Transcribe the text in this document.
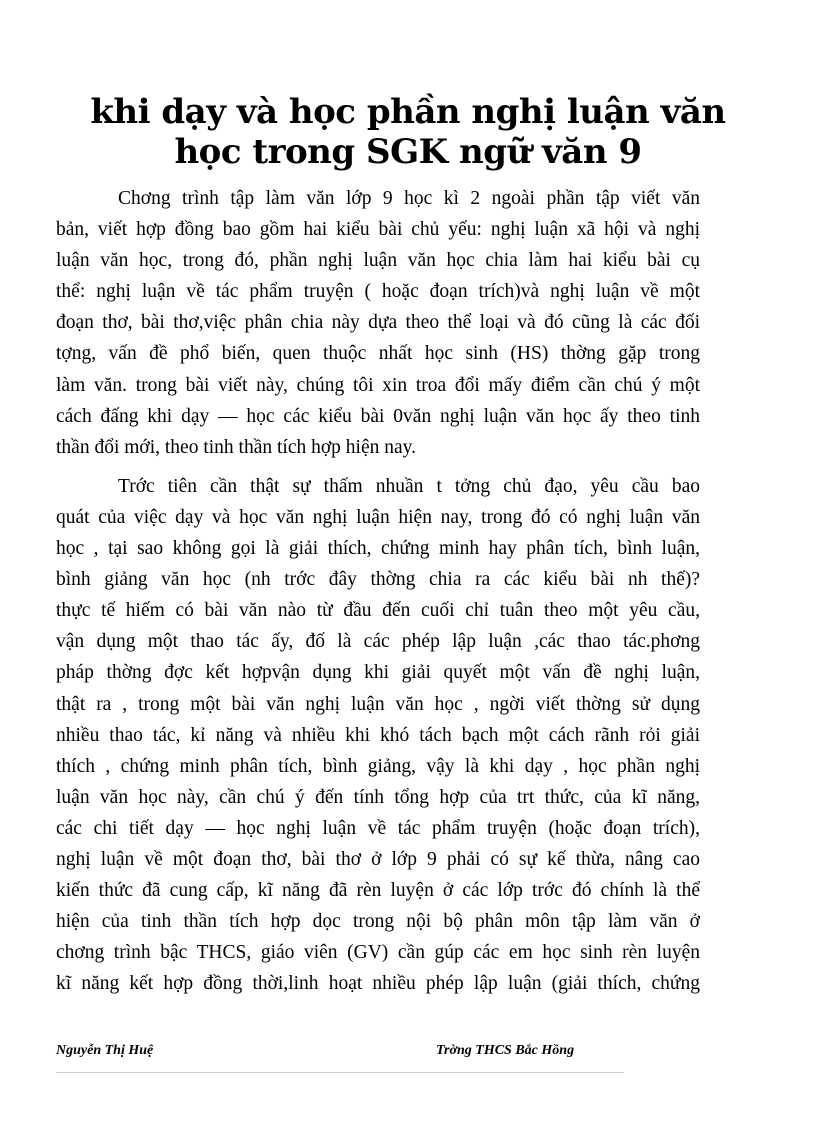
khi dạy và học phần nghị luận văn
học trong SGK ngữ văn 9
Chơng trình tập làm văn lớp 9 học kì 2 ngoài phần tập viết văn
bản, viết hợp đồng bao gồm hai kiểu bài chủ yếu: nghị luận xã hội và nghị
luận văn học, trong đó, phần nghị luận văn học chia làm hai kiểu bài cụ
thể: nghị luận về tác phẩm truyện ( hoặc đoạn trích)và nghị luận về một
đoạn thơ, bài thơ,việc phân chia này dựa theo thể loại và đó cũng là các đối
tợng, vấn đề phổ biến, quen thuộc nhất học sinh (HS) thờng gặp trong
làm văn. trong bài viết này, chúng tôi xin troa đổi mấy điểm cần chú ý một
cách đấng khi dạy — học các kiểu bài 0văn nghị luận văn học ấy theo tinh
thần đổi mới, theo tinh thần tích hợp hiện nay.
Trớc tiên cần thật sự thấm nhuần t tởng chủ đạo, yêu cầu bao
quát của việc dạy và học văn nghị luận hiện nay, trong đó có nghị luận văn
học , tại sao không gọi là giải thích, chứng minh hay phân tích, bình luận,
bình giảng văn học (nh trớc đây thờng chia ra các kiểu bài nh thế)?
thực tế hiếm có bài văn nào từ đầu đến cuối chỉ tuân theo một yêu cầu,
vận dụng một thao tác ấy, đố là các phép lập luận ,các thao tác.phơng
pháp thờng đợc kết hợpvận dụng khi giải quyết một vấn đề nghị luận,
thật ra , trong một bài văn nghị luận văn học , ngời viết thờng sử dụng
nhiều thao tác, kỉ năng và nhiều khi khó tách bạch một cách rãnh rỏi giải
thích , chứng minh phân tích, bình giảng, vậy là khi dạy , học phần nghị
luận văn học này, cần chú ý đến tính tổng hợp của trt thức, của kĩ năng,
các chi tiết dạy — học nghị luận về tác phẩm truyện (hoặc đoạn trích),
nghị luận về một đoạn thơ, bài thơ ở lớp 9 phải có sự kế thừa, nâng cao
kiến thức đã cung cấp, kĩ năng đã rèn luyện ở các lớp trớc đó chính là thể
hiện của tinh thần tích hợp dọc trong nội bộ phân môn tập làm văn ở
chơng trình bậc THCS, giáo viên (GV) cần gúp các em học sinh rèn luyện
kĩ năng kết hợp đồng thời,linh hoạt nhiều phép lập luận (giải thích, chứng
Nguyễn Thị Huệ	Trờng THCS Bắc Hồng
